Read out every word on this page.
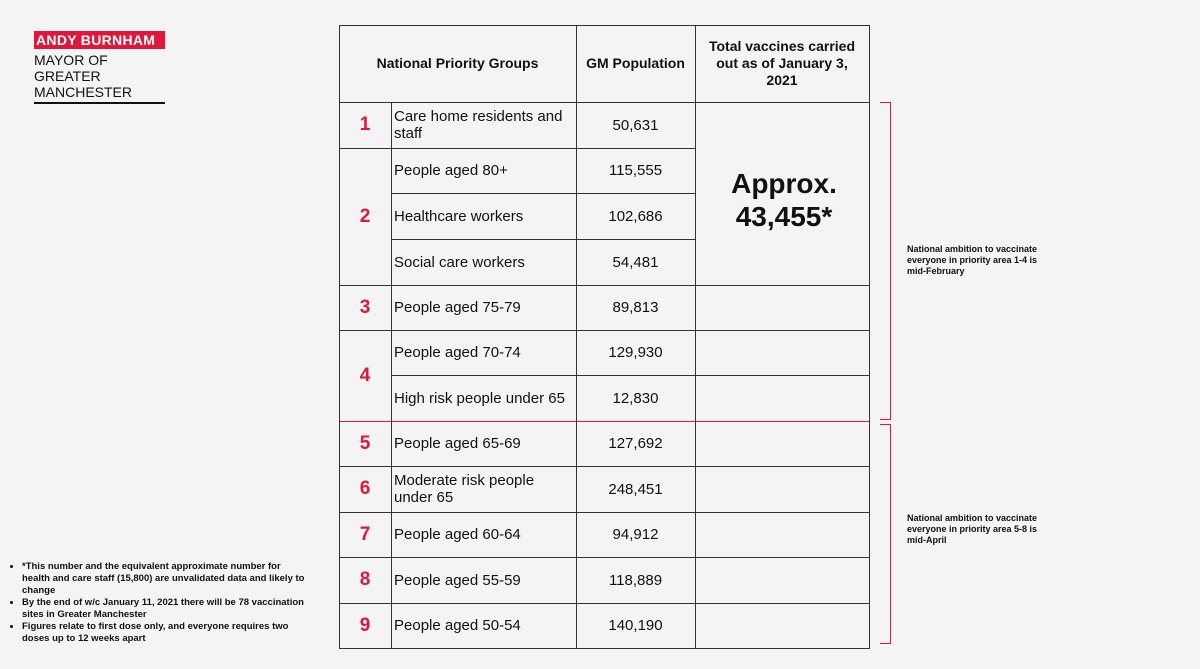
ANDY BURNHAM
MAYOR OF
GREATER
MANCHESTER
National Priority Groups	GM Population
Total vaccines carried out as of January 3, 2021
1
2
3
4
5
6
7
8
9
Care home residents and staff
People aged 80+
Healthcare workers
Social care workers
People aged 75-79
People aged 70-74
High risk people under 65
People aged 65-69
Moderate risk people under 65
People aged 60-64
People aged 55-59
People aged 50-54
50,631
115,555
102,686
54,481
89,813
129,930
12,830
127,692
248,451
94,912
118,889
140,190
Approx. 43,455*
National ambition to vaccinate everyone in priority area 1-4 is mid-February
National ambition to vaccinate everyone in priority area 5-8 is mid-April
• *This number and the equivalent approximate number for health and care staff (15,800) are unvalidated data and likely to change
• By the end of w/c January 11, 2021 there will be 78 vaccination sites in Greater Manchester
• Figures relate to first dose only, and everyone requires two doses up to 12 weeks apart
